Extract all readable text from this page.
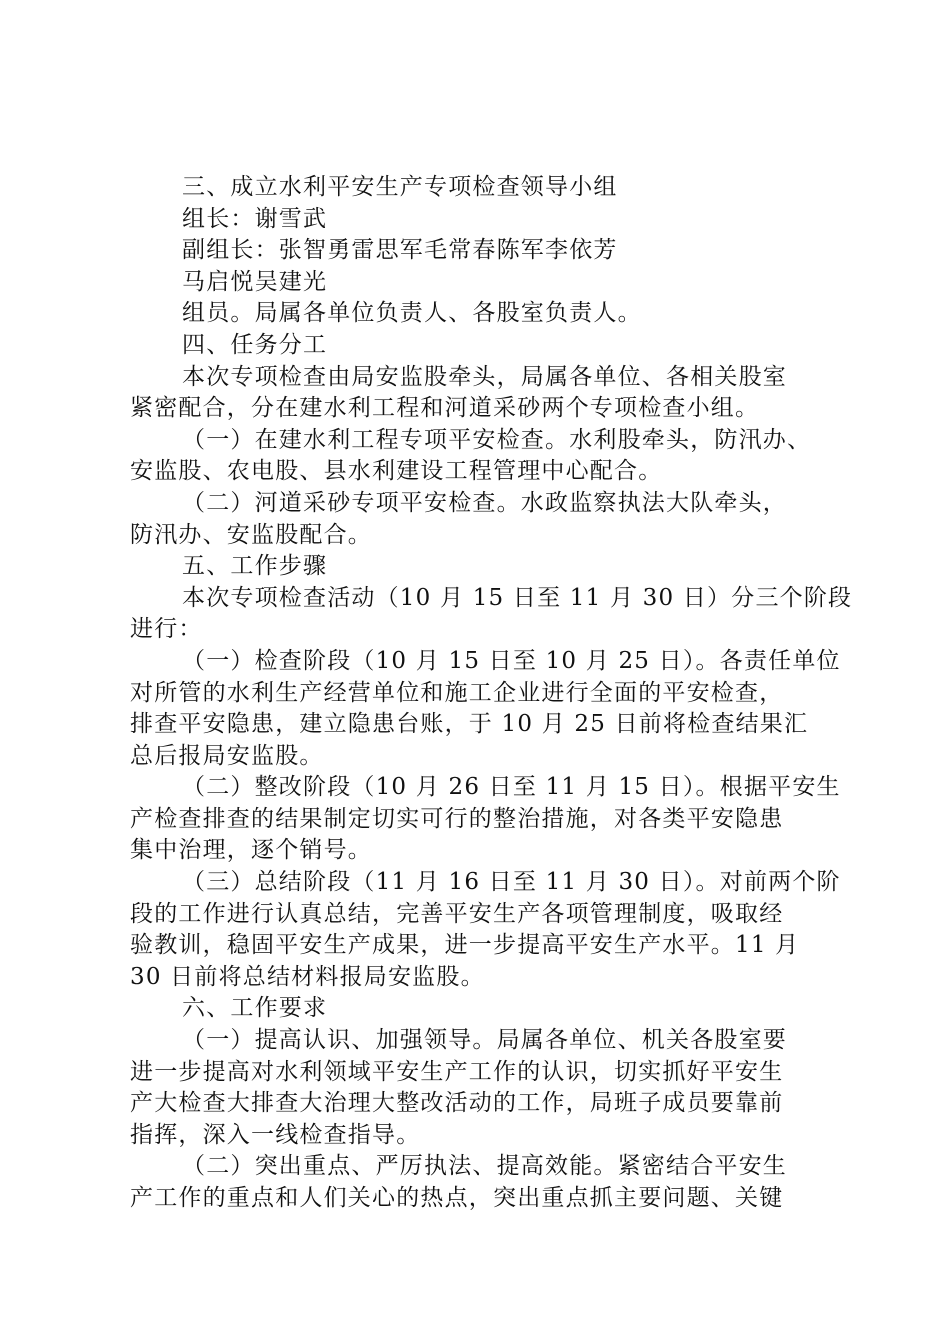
三、成立水利平安生产专项检查领导小组
组长：谢雪武
副组长：张智勇雷思军毛常春陈军李依芳
马启悦吴建光
组员。局属各单位负责人、各股室负责人。
四、任务分工
本次专项检查由局安监股牵头，局属各单位、各相关股室
紧密配合，分在建水利工程和河道采砂两个专项检查小组。
（一）在建水利工程专项平安检查。水利股牵头，防汛办、
安监股、农电股、县水利建设工程管理中心配合。
（二）河道采砂专项平安检查。水政监察执法大队牵头，
防汛办、安监股配合。
五、工作步骤
本次专项检查活动（10 月 15 日至 11 月 30 日）分三个阶段
进行：
（一）检查阶段（10 月 15 日至 10 月 25 日）。各责任单位
对所管的水利生产经营单位和施工企业进行全面的平安检查，
排查平安隐患，建立隐患台账，于 10 月 25 日前将检查结果汇
总后报局安监股。
（二）整改阶段（10 月 26 日至 11 月 15 日）。根据平安生
产检查排查的结果制定切实可行的整治措施，对各类平安隐患
集中治理，逐个销号。
（三）总结阶段（11 月 16 日至 11 月 30 日）。对前两个阶
段的工作进行认真总结，完善平安生产各项管理制度，吸取经
验教训，稳固平安生产成果，进一步提高平安生产水平。11 月
30 日前将总结材料报局安监股。
六、工作要求
（一）提高认识、加强领导。局属各单位、机关各股室要
进一步提高对水利领域平安生产工作的认识，切实抓好平安生
产大检查大排查大治理大整改活动的工作，局班子成员要靠前
指挥，深入一线检查指导。
（二）突出重点、严厉执法、提高效能。紧密结合平安生
产工作的重点和人们关心的热点，突出重点抓主要问题、关键
